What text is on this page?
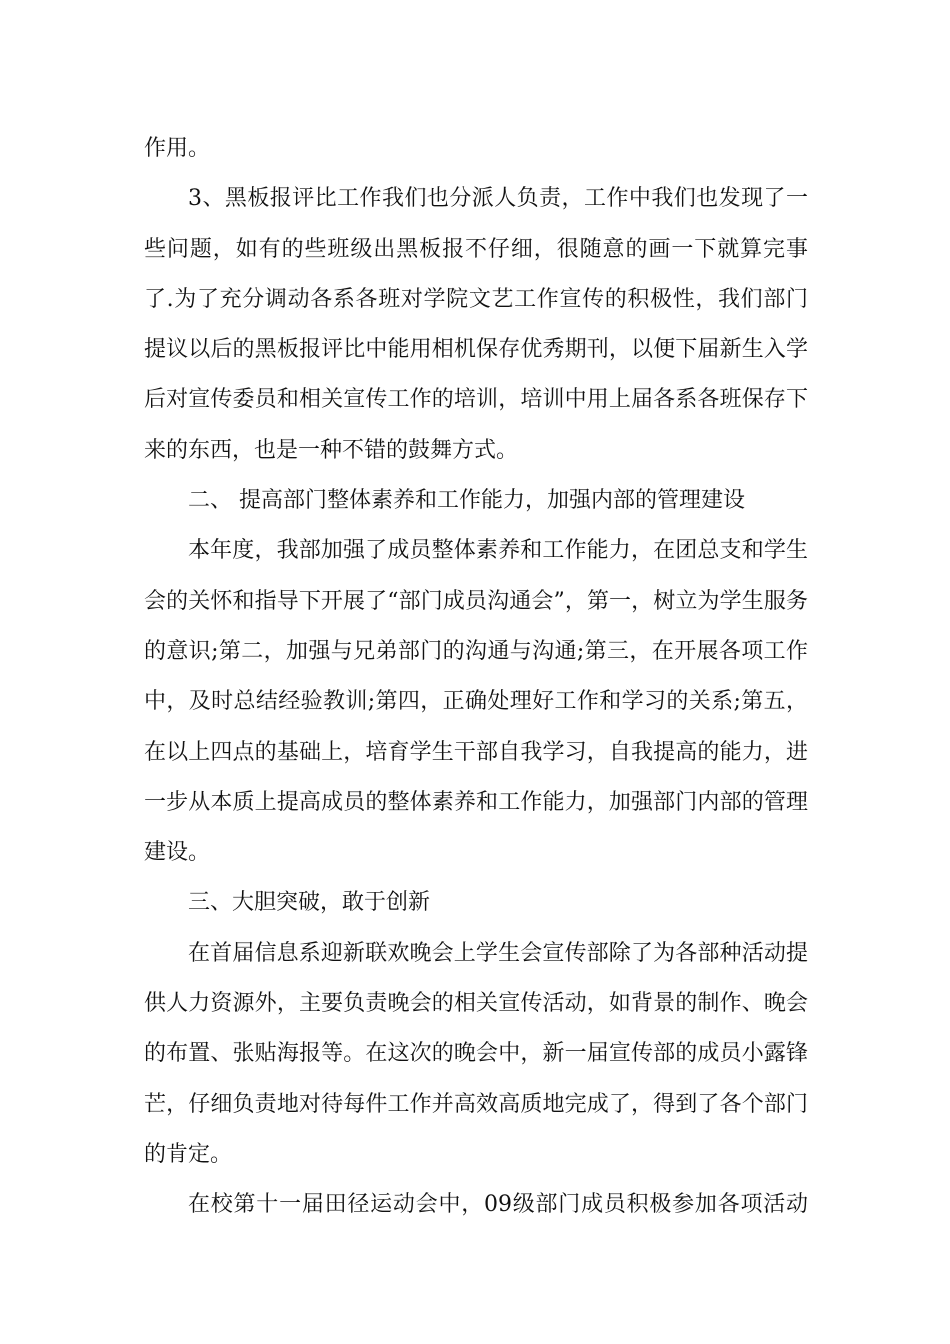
作用。

3、黑板报评比工作我们也分派人负责，工作中我们也发现了一些问题，如有的些班级出黑板报不仔细，很随意的画一下就算完事了.为了充分调动各系各班对学院文艺工作宣传的积极性，我们部门提议以后的黑板报评比中能用相机保存优秀期刊，以便下届新生入学后对宣传委员和相关宣传工作的培训，培训中用上届各系各班保存下来的东西，也是一种不错的鼓舞方式。

二、 提高部门整体素养和工作能力，加强内部的管理建设

本年度，我部加强了成员整体素养和工作能力，在团总支和学生会的关怀和指导下开展了“部门成员沟通会”，第一，树立为学生服务的意识;第二，加强与兄弟部门的沟通与沟通;第三，在开展各项工作中，及时总结经验教训;第四，正确处理好工作和学习的关系;第五，在以上四点的基础上，培育学生干部自我学习，自我提高的能力，进一步从本质上提高成员的整体素养和工作能力，加强部门内部的管理建设。

三、大胆突破，敢于创新

在首届信息系迎新联欢晚会上学生会宣传部除了为各部种活动提供人力资源外，主要负责晚会的相关宣传活动，如背景的制作、晚会的布置、张贴海报等。在这次的晚会中，新一届宣传部的成员小露锋芒，仔细负责地对待每件工作并高效高质地完成了，得到了各个部门的肯定。

在校第十一届田径运动会中，09级部门成员积极参加各项活动
